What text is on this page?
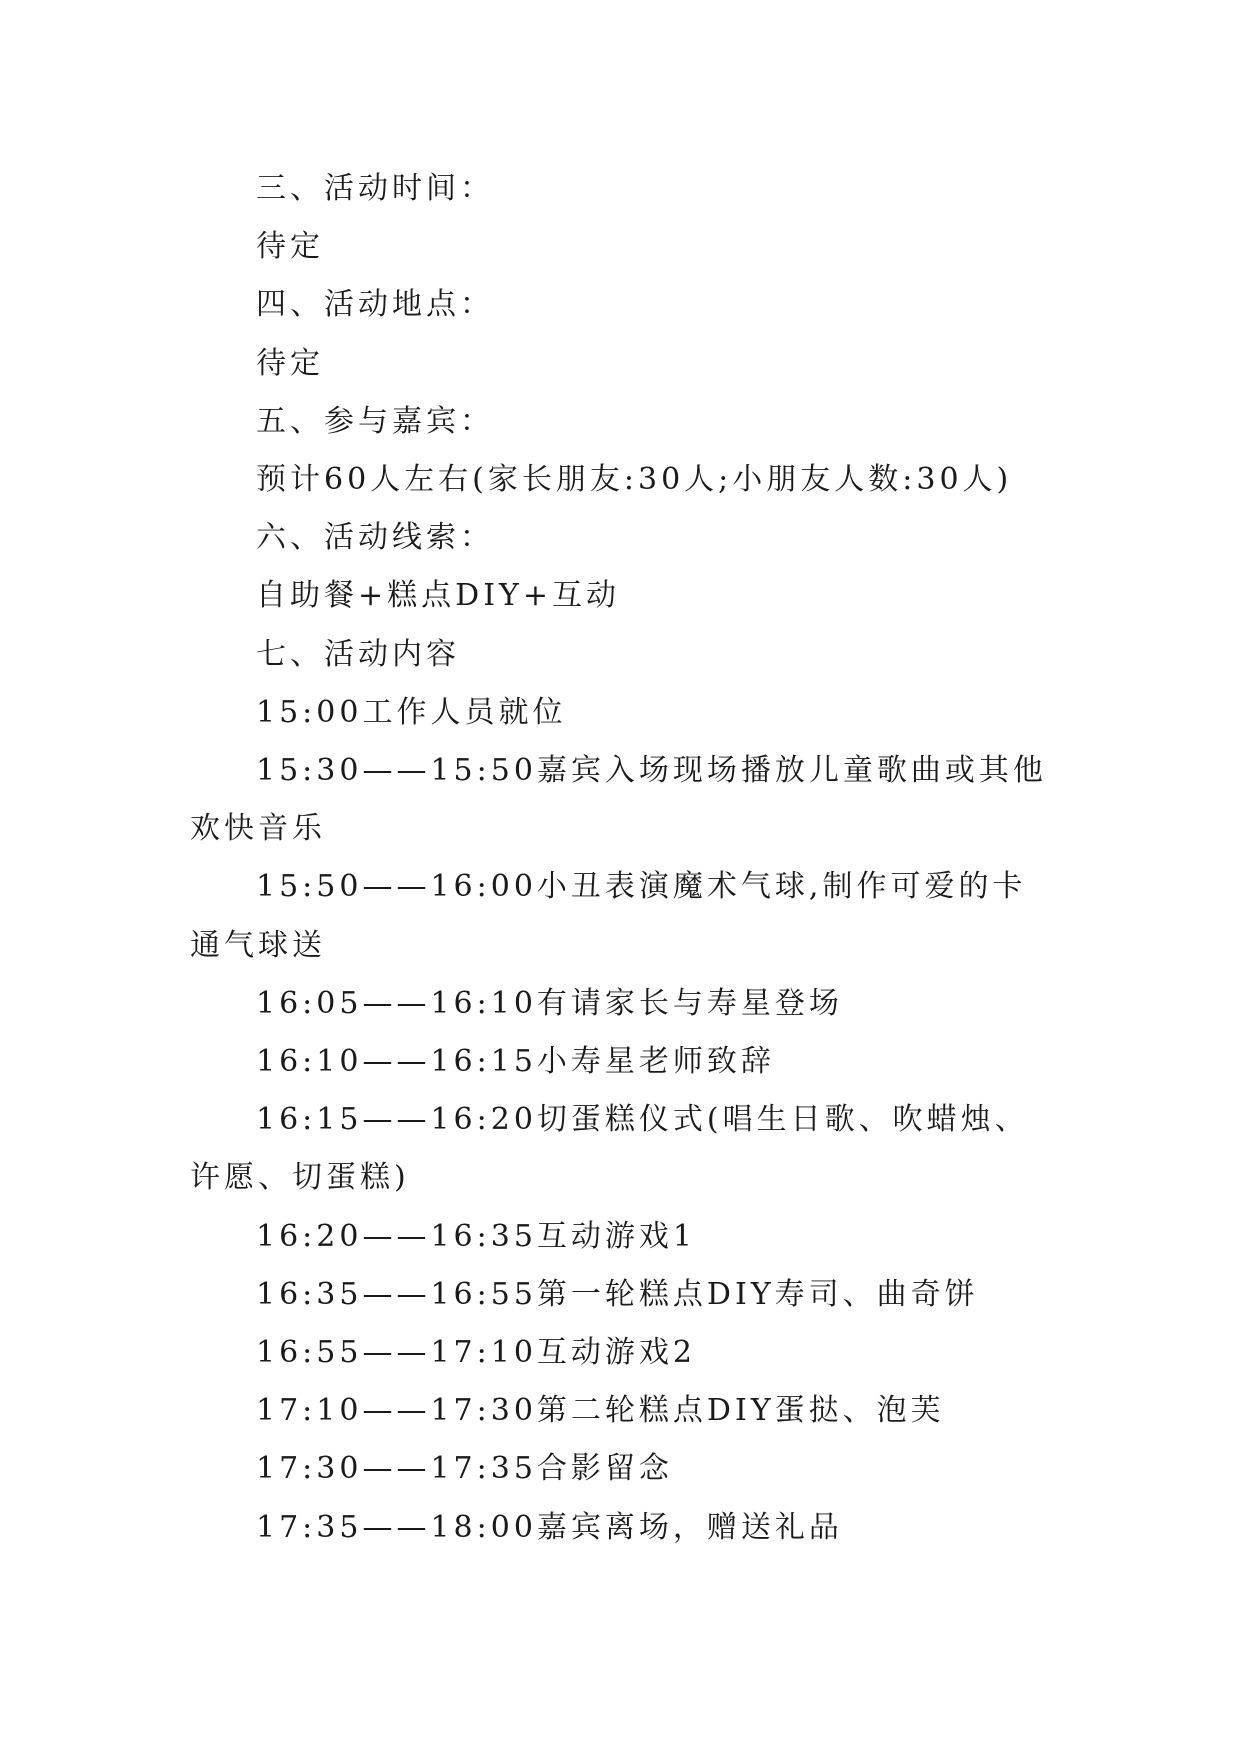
三、活动时间：

待定

四、活动地点：

待定

五、参与嘉宾：

预计60人左右(家长朋友:30人;小朋友人数:30人)

六、活动线索：

自助餐+糕点DIY+互动

七、活动内容

15:00工作人员就位

15:30——15:50嘉宾入场现场播放儿童歌曲或其他欢快音乐

15:50——16:00小丑表演魔术气球,制作可爱的卡通气球送

16:05——16:10有请家长与寿星登场

16:10——16:15小寿星老师致辞

16:15——16:20切蛋糕仪式(唱生日歌、吹蜡烛、许愿、切蛋糕)

16:20——16:35互动游戏1

16:35——16:55第一轮糕点DIY寿司、曲奇饼

16:55——17:10互动游戏2

17:10——17:30第二轮糕点DIY蛋挞、泡芙

17:30——17:35合影留念

17:35——18:00嘉宾离场，赠送礼品
